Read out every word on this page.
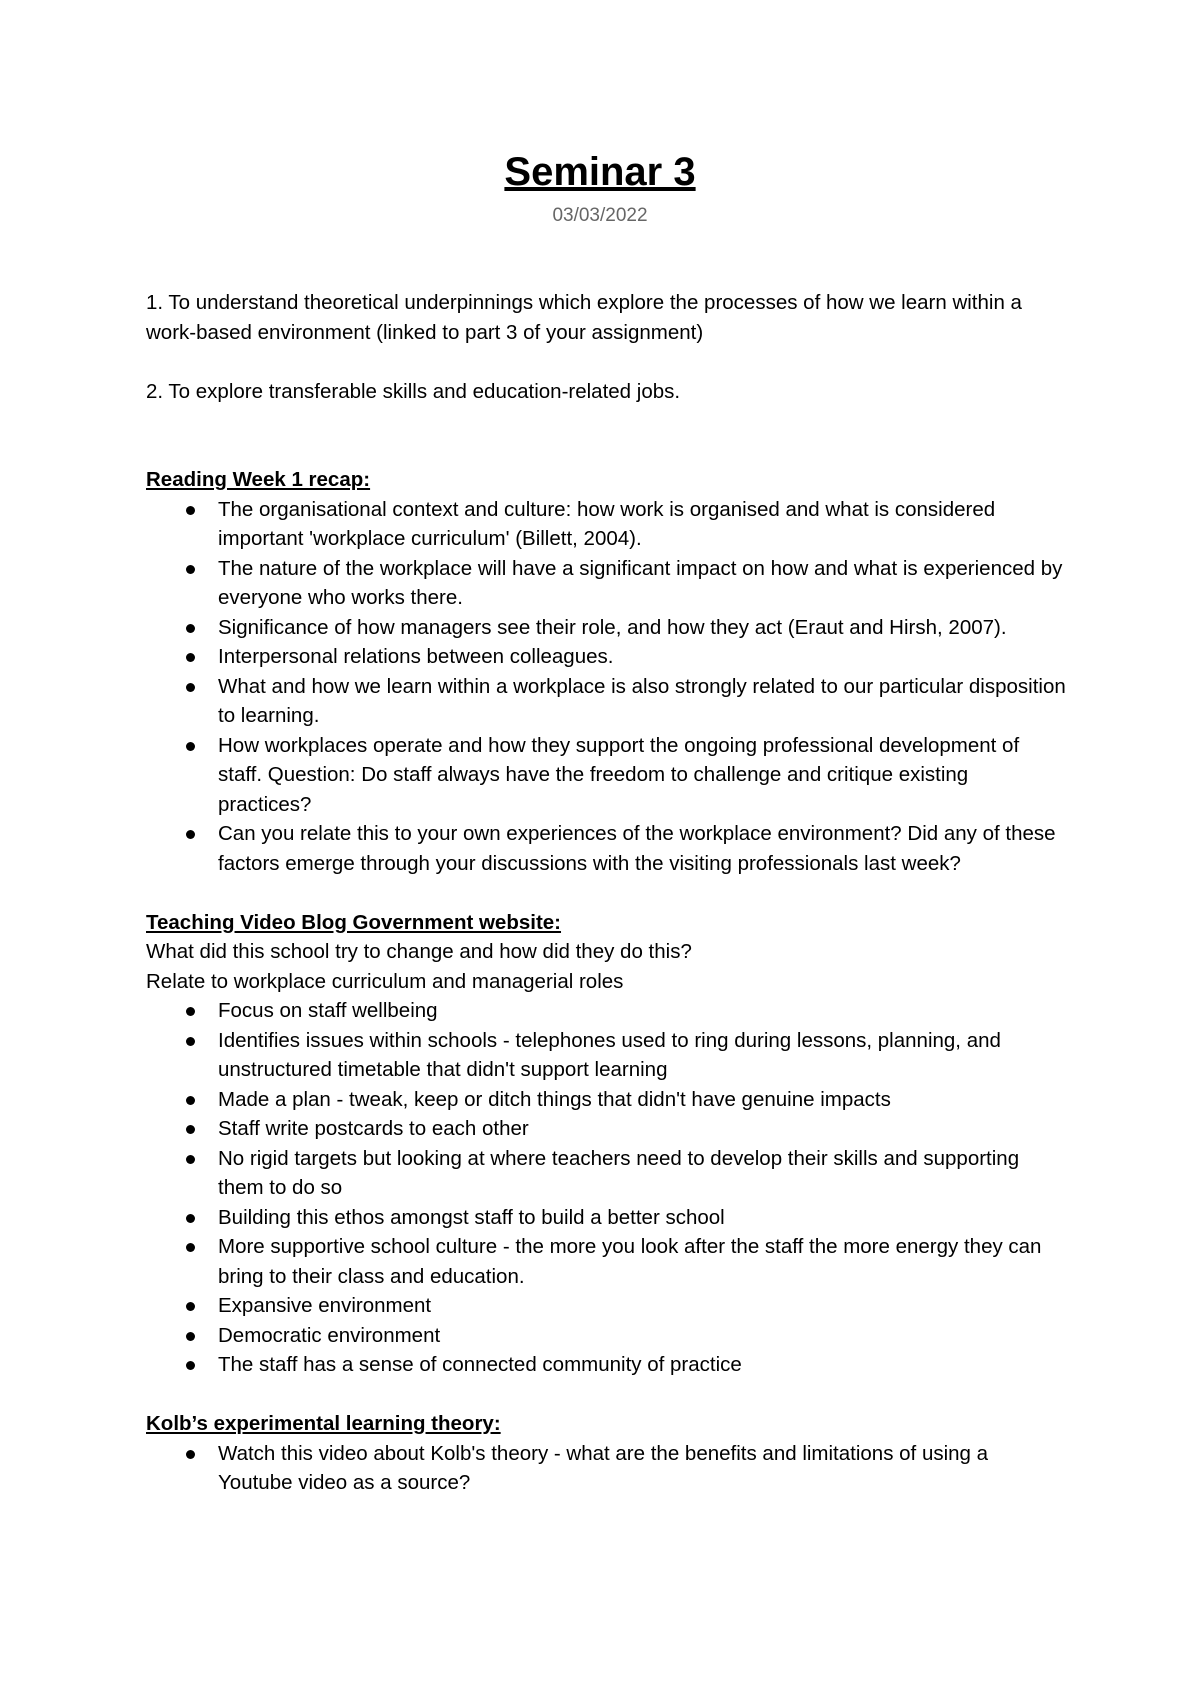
Seminar 3
03/03/2022

1. To understand theoretical underpinnings which explore the processes of how we learn within a work-based environment (linked to part 3 of your assignment)

2. To explore transferable skills and education-related jobs.

Reading Week 1 recap:

The organisational context and culture: how work is organised and what is considered important 'workplace curriculum' (Billett, 2004).
The nature of the workplace will have a significant impact on how and what is experienced by everyone who works there.
Significance of how managers see their role, and how they act (Eraut and Hirsh, 2007).
Interpersonal relations between colleagues.
What and how we learn within a workplace is also strongly related to our particular disposition to learning.
How workplaces operate and how they support the ongoing professional development of staff. Question: Do staff always have the freedom to challenge and critique existing practices?
Can you relate this to your own experiences of the workplace environment? Did any of these factors emerge through your discussions with the visiting professionals last week?

Teaching Video Blog Government website:

What did this school try to change and how did they do this?

Relate to workplace curriculum and managerial roles

Focus on staff wellbeing
Identifies issues within schools - telephones used to ring during lessons, planning, and unstructured timetable that didn't support learning
Made a plan - tweak, keep or ditch things that didn't have genuine impacts
Staff write postcards to each other
No rigid targets but looking at where teachers need to develop their skills and supporting them to do so
Building this ethos amongst staff to build a better school
More supportive school culture - the more you look after the staff the more energy they can bring to their class and education.
Expansive environment
Democratic environment
The staff has a sense of connected community of practice

Kolb’s experimental learning theory:

Watch this video about Kolb's theory - what are the benefits and limitations of using a Youtube video as a source?
